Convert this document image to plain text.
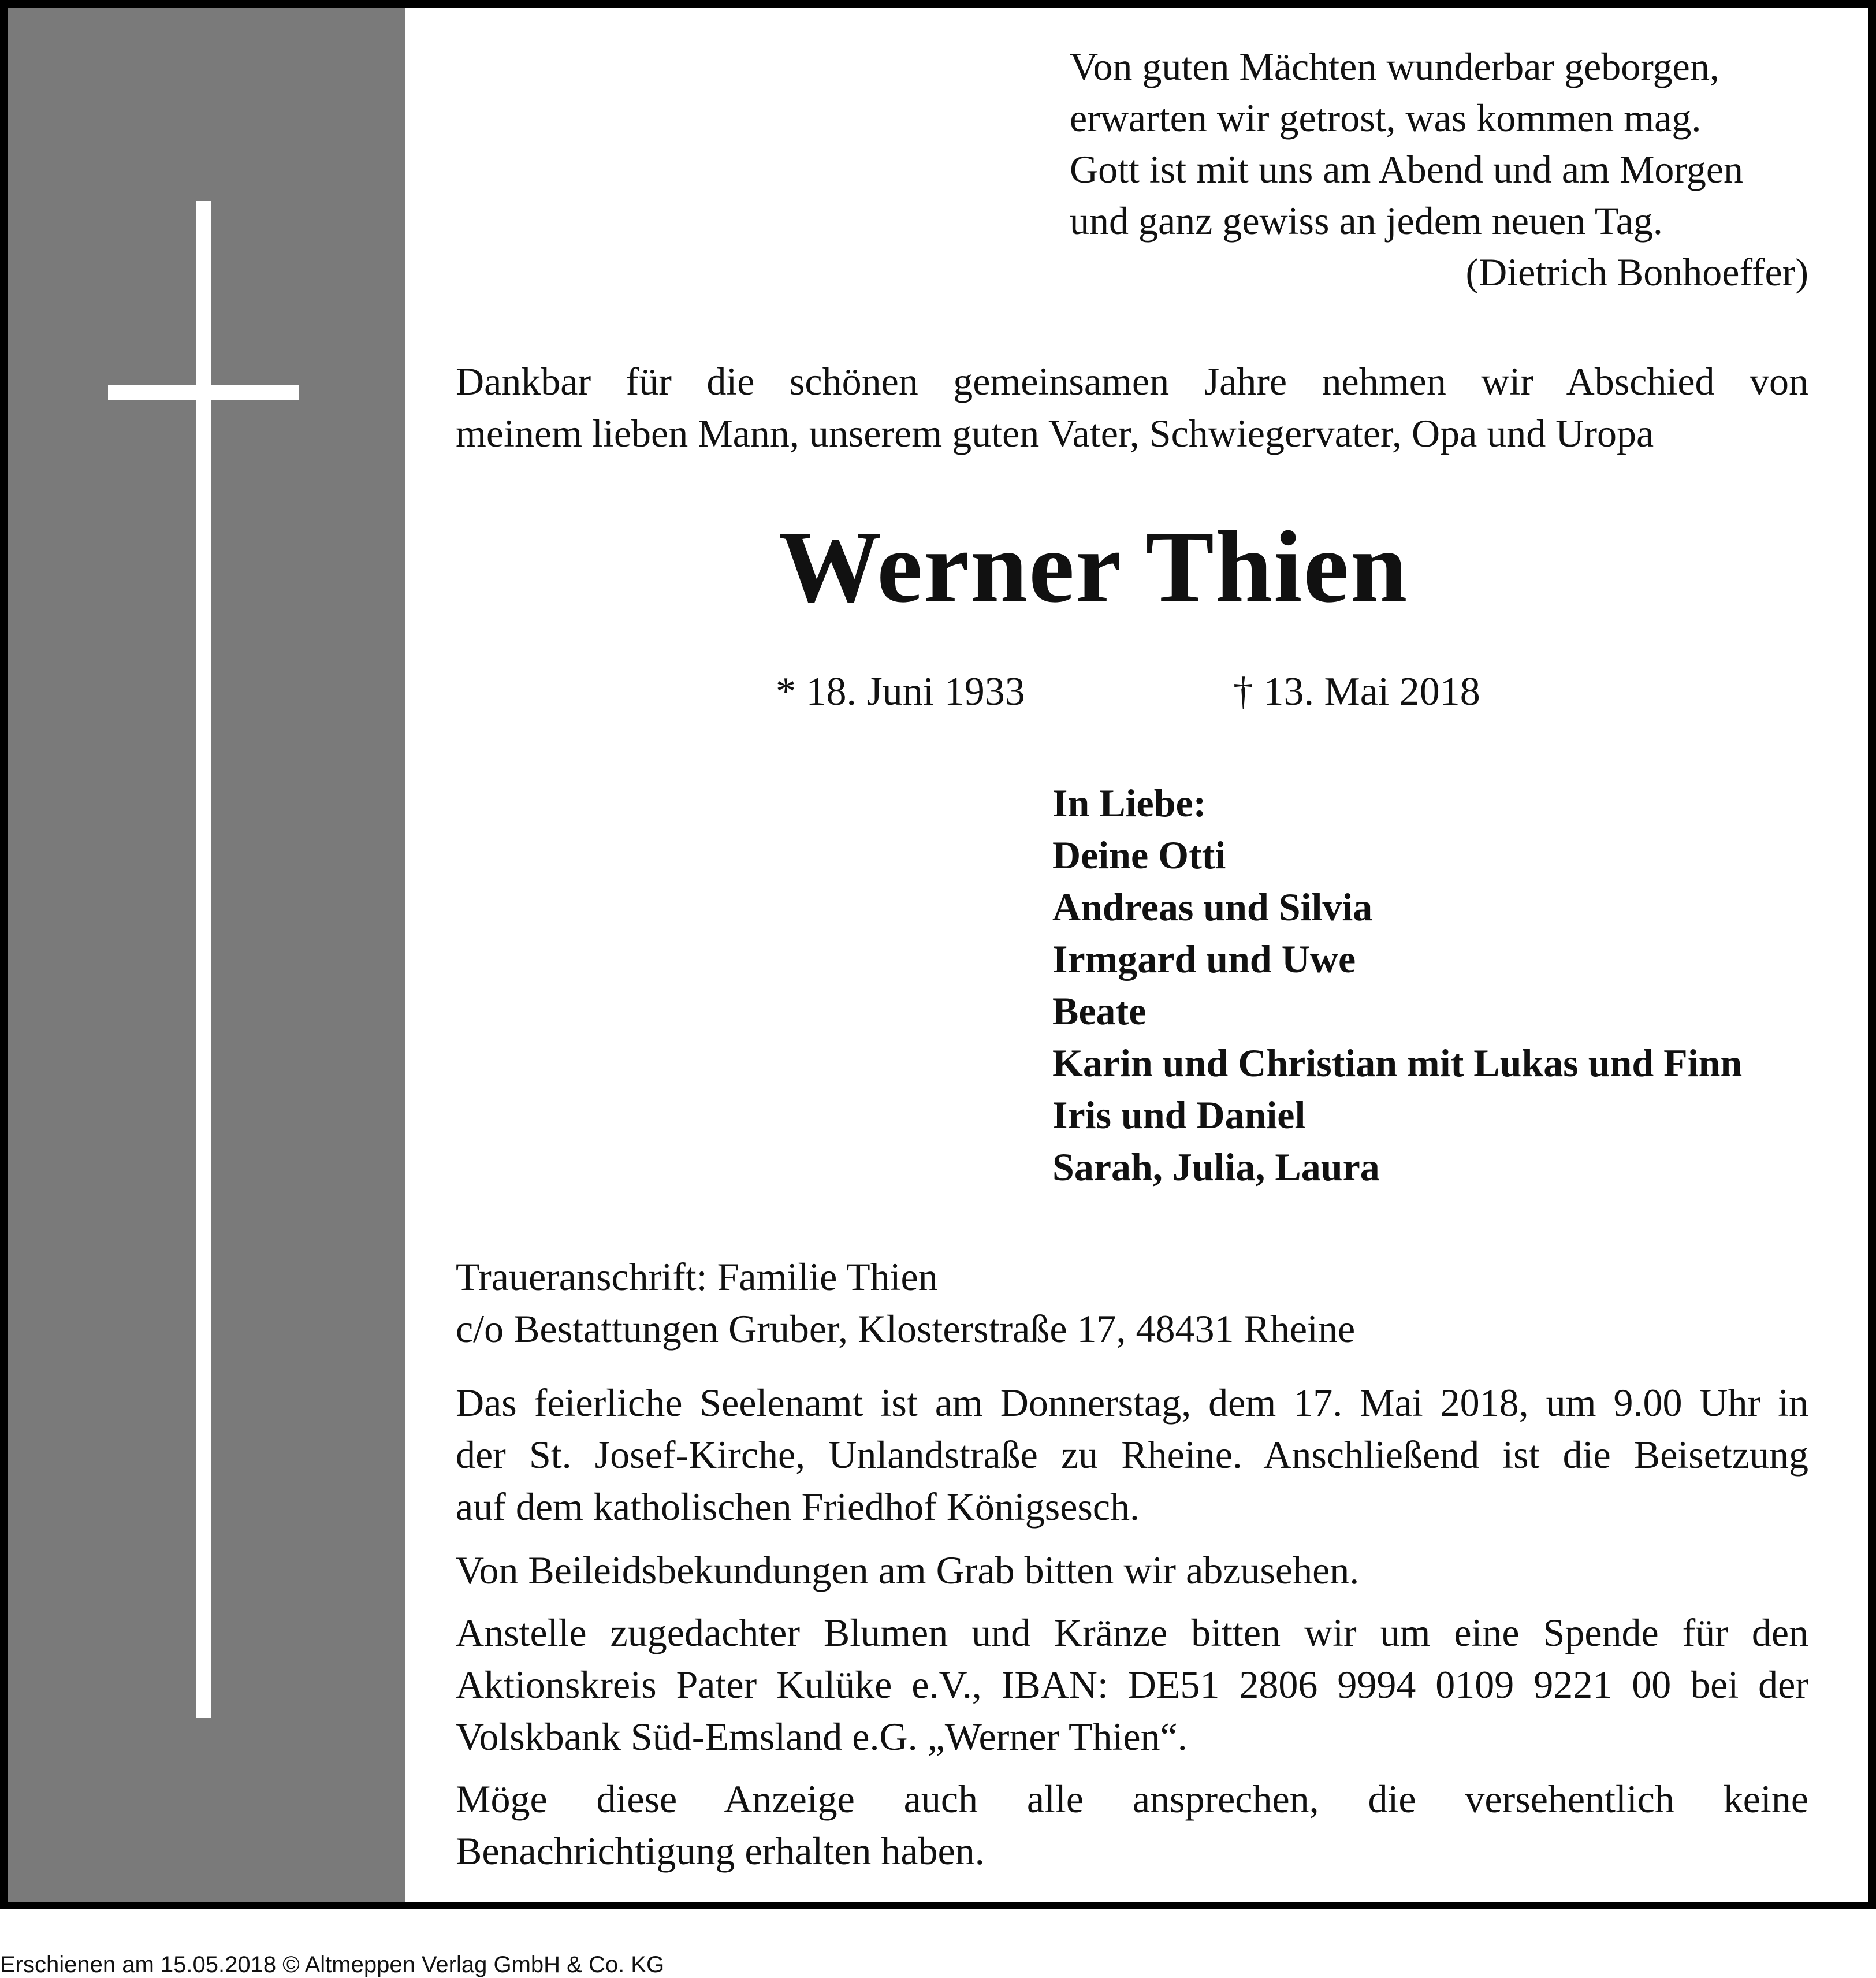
Von guten Mächten wunderbar geborgen,
erwarten wir getrost, was kommen mag.
Gott ist mit uns am Abend und am Morgen
und ganz gewiss an jedem neuen Tag.
(Dietrich Bonhoeffer)

Dankbar für die schönen gemeinsamen Jahre nehmen wir Abschied von

meinem lieben Mann, unserem guten Vater, Schwiegervater, Opa und Uropa

Werner Thien
* 18. Juni 1933	† 13. Mai 2018
In Liebe:
Deine Otti
Andreas und Silvia
Irmgard und Uwe
Beate
Karin und Christian mit Lukas und Finn
Iris und Daniel
Sarah, Julia, Laura

Traueranschrift: Familie Thien

c/o Bestattungen Gruber, Klosterstraße 17, 48431 Rheine

Das feierliche Seelenamt ist am Donnerstag, dem 17. Mai 2018, um 9.00 Uhr in

der St. Josef-Kirche, Unlandstraße zu Rheine. Anschließend ist die Beisetzung

auf dem katholischen Friedhof Königsesch.

Von Beileidsbekundungen am Grab bitten wir abzusehen.

Anstelle zugedachter Blumen und Kränze bitten wir um eine Spende für den

Aktionskreis Pater Kulüke e.V., IBAN: DE51 2806 9994 0109 9221 00 bei der

Volskbank Süd-Emsland e.G. „Werner Thien“.

Möge diese Anzeige auch alle ansprechen, die versehentlich keine

Benachrichtigung erhalten haben.

Erschienen am 15.05.2018 © Altmeppen Verlag GmbH & Co. KG
